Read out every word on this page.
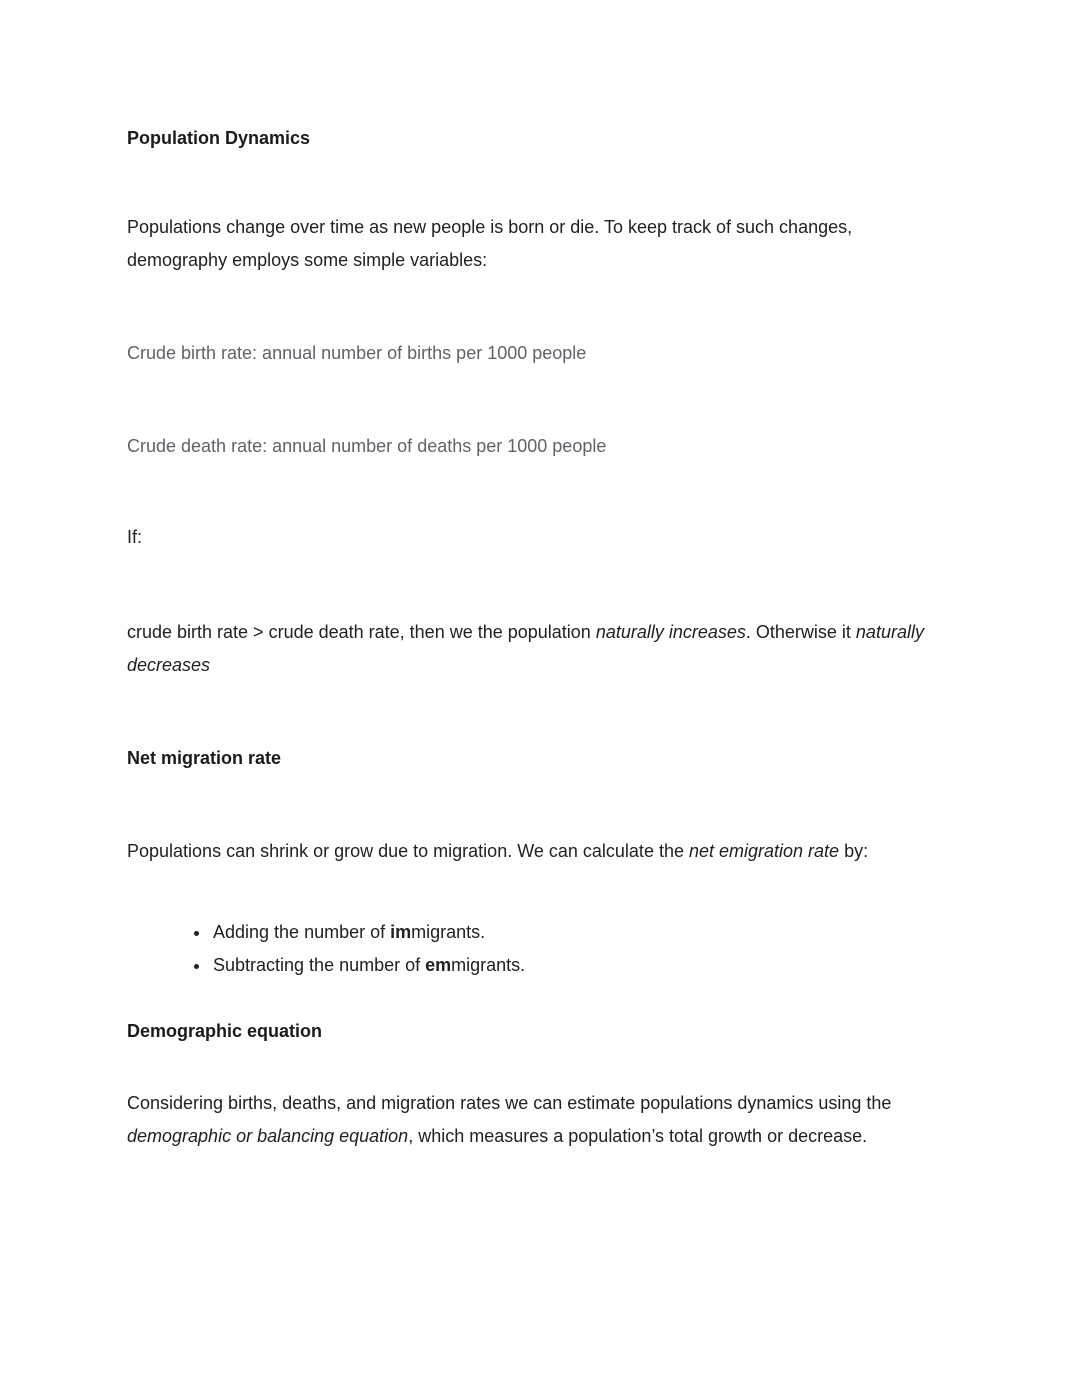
Population Dynamics

Populations change over time as new people is born or die. To keep track of such changes, demography employs some simple variables:

Crude birth rate: annual number of births per 1000 people

Crude death rate: annual number of deaths per 1000 people

If:

crude birth rate > crude death rate, then we the population naturally increases. Otherwise it naturally decreases

Net migration rate

Populations can shrink or grow due to migration. We can calculate the net emigration rate by:

• Adding the number of immigrants.
• Subtracting the number of emmigrants.
Demographic equation

Considering births, deaths, and migration rates we can estimate populations dynamics using the demographic or balancing equation, which measures a population’s total growth or decrease.
